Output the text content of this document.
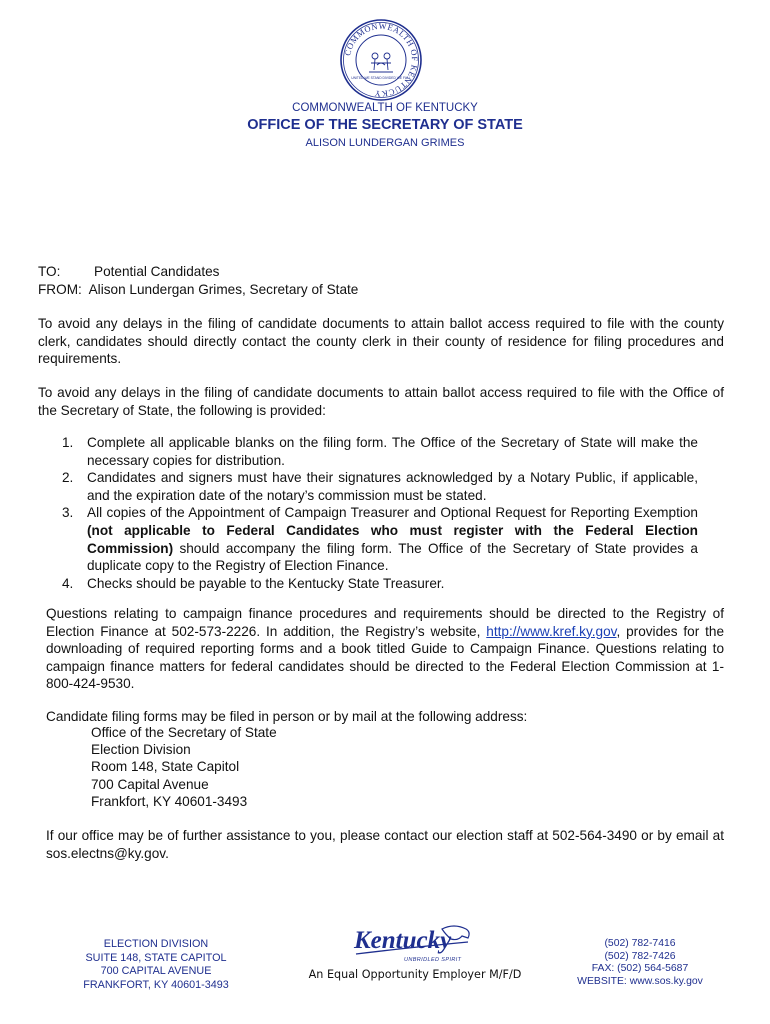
COMMONWEALTH OF KENTUCKY
UNITED WE STAND DIVIDED WE FALL
COMMONWEALTH OF KENTUCKY
OFFICE OF THE SECRETARY OF STATE
ALISON LUNDERGAN GRIMES
TO: Potential Candidates
FROM: Alison Lundergan Grimes, Secretary of State
To avoid any delays in the filing of candidate documents to attain ballot access required to file with the county clerk, candidates should directly contact the county clerk in their county of residence for filing procedures and requirements.
To avoid any delays in the filing of candidate documents to attain ballot access required to file with the Office of the Secretary of State, the following is provided:
1. Complete all applicable blanks on the filing form. The Office of the Secretary of State will make the necessary copies for distribution.
2. Candidates and signers must have their signatures acknowledged by a Notary Public, if applicable, and the expiration date of the notary’s commission must be stated.
3. All copies of the Appointment of Campaign Treasurer and Optional Request for Reporting Exemption (not applicable to Federal Candidates who must register with the Federal Election Commission) should accompany the filing form. The Office of the Secretary of State provides a duplicate copy to the Registry of Election Finance.
4. Checks should be payable to the Kentucky State Treasurer.
Questions relating to campaign finance procedures and requirements should be directed to the Registry of Election Finance at 502-573-2226. In addition, the Registry’s website, http://www.kref.ky.gov, provides for the downloading of required reporting forms and a book titled Guide to Campaign Finance. Questions relating to campaign finance matters for federal candidates should be directed to the Federal Election Commission at 1-800-424-9530.
Candidate filing forms may be filed in person or by mail at the following address:
Office of the Secretary of State
Election Division
Room 148, State Capitol
700 Capital Avenue
Frankfort, KY 40601-3493
If our office may be of further assistance to you, please contact our election staff at 502-564-3490 or by email at sos.electns@ky.gov.
ELECTION DIVISION
SUITE 148, STATE CAPITOL
700 CAPITAL AVENUE
FRANKFORT, KY 40601-3493
Kentucky
UNBRIDLED SPIRIT
An Equal Opportunity Employer M/F/D
(502) 782-7416
(502) 782-7426
FAX: (502) 564-5687
WEBSITE: www.sos.ky.gov
